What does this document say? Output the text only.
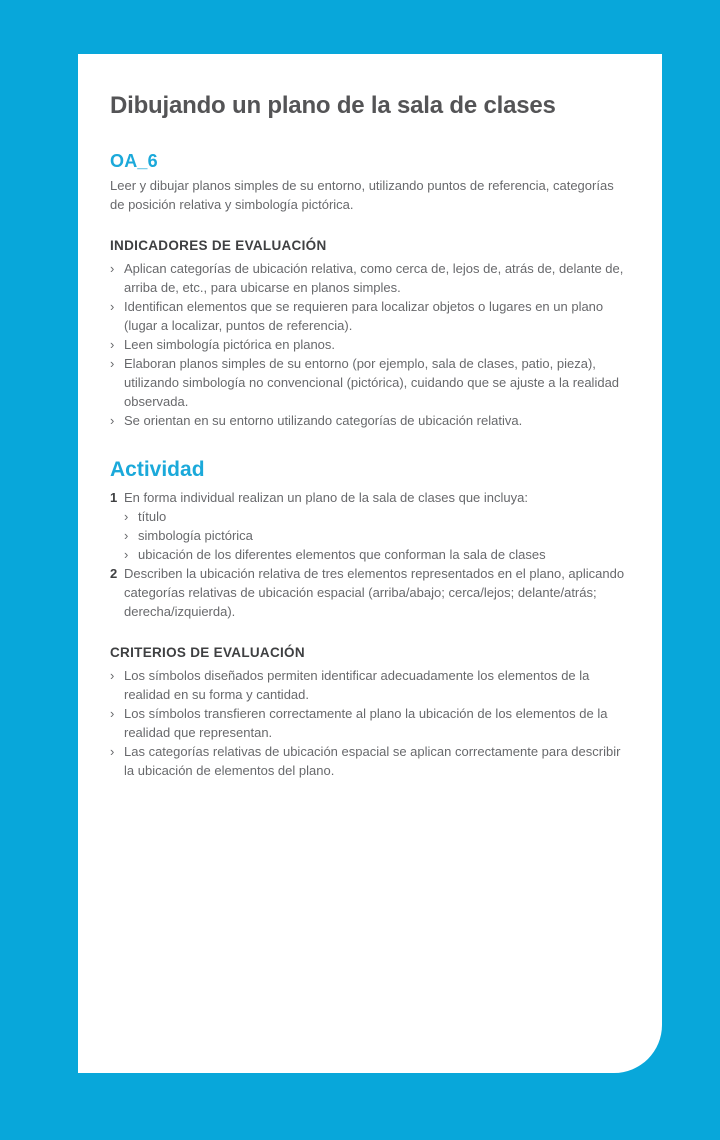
Dibujando un plano de la sala de clases
OA_6

Leer y dibujar planos simples de su entorno, utilizando puntos de referencia, categorías de posición relativa y simbología pictórica.

INDICADORES DE EVALUACIÓN
› Aplican categorías de ubicación relativa, como cerca de, lejos de, atrás de, delante de, arriba de, etc., para ubicarse en planos simples.
› Identifican elementos que se requieren para localizar objetos o lugares en un plano (lugar a localizar, puntos de referencia).
› Leen simbología pictórica en planos.
› Elaboran planos simples de su entorno (por ejemplo, sala de clases, patio, pieza), utilizando simbología no convencional (pictórica), cuidando que se ajuste a la realidad observada.
› Se orientan en su entorno utilizando categorías de ubicación relativa.
Actividad
1 En forma individual realizan un plano de la sala de clases que incluya:
› título
› simbología pictórica
› ubicación de los diferentes elementos que conforman la sala de clases
2 Describen la ubicación relativa de tres elementos representados en el plano, aplicando categorías relativas de ubicación espacial (arriba/abajo; cerca/lejos; delante/atrás; derecha/izquierda).
CRITERIOS DE EVALUACIÓN
› Los símbolos diseñados permiten identificar adecuadamente los elementos de la realidad en su forma y cantidad.
› Los símbolos transfieren correctamente al plano la ubicación de los elementos de la realidad que representan.
› Las categorías relativas de ubicación espacial se aplican correctamente para describir la ubicación de elementos del plano.
